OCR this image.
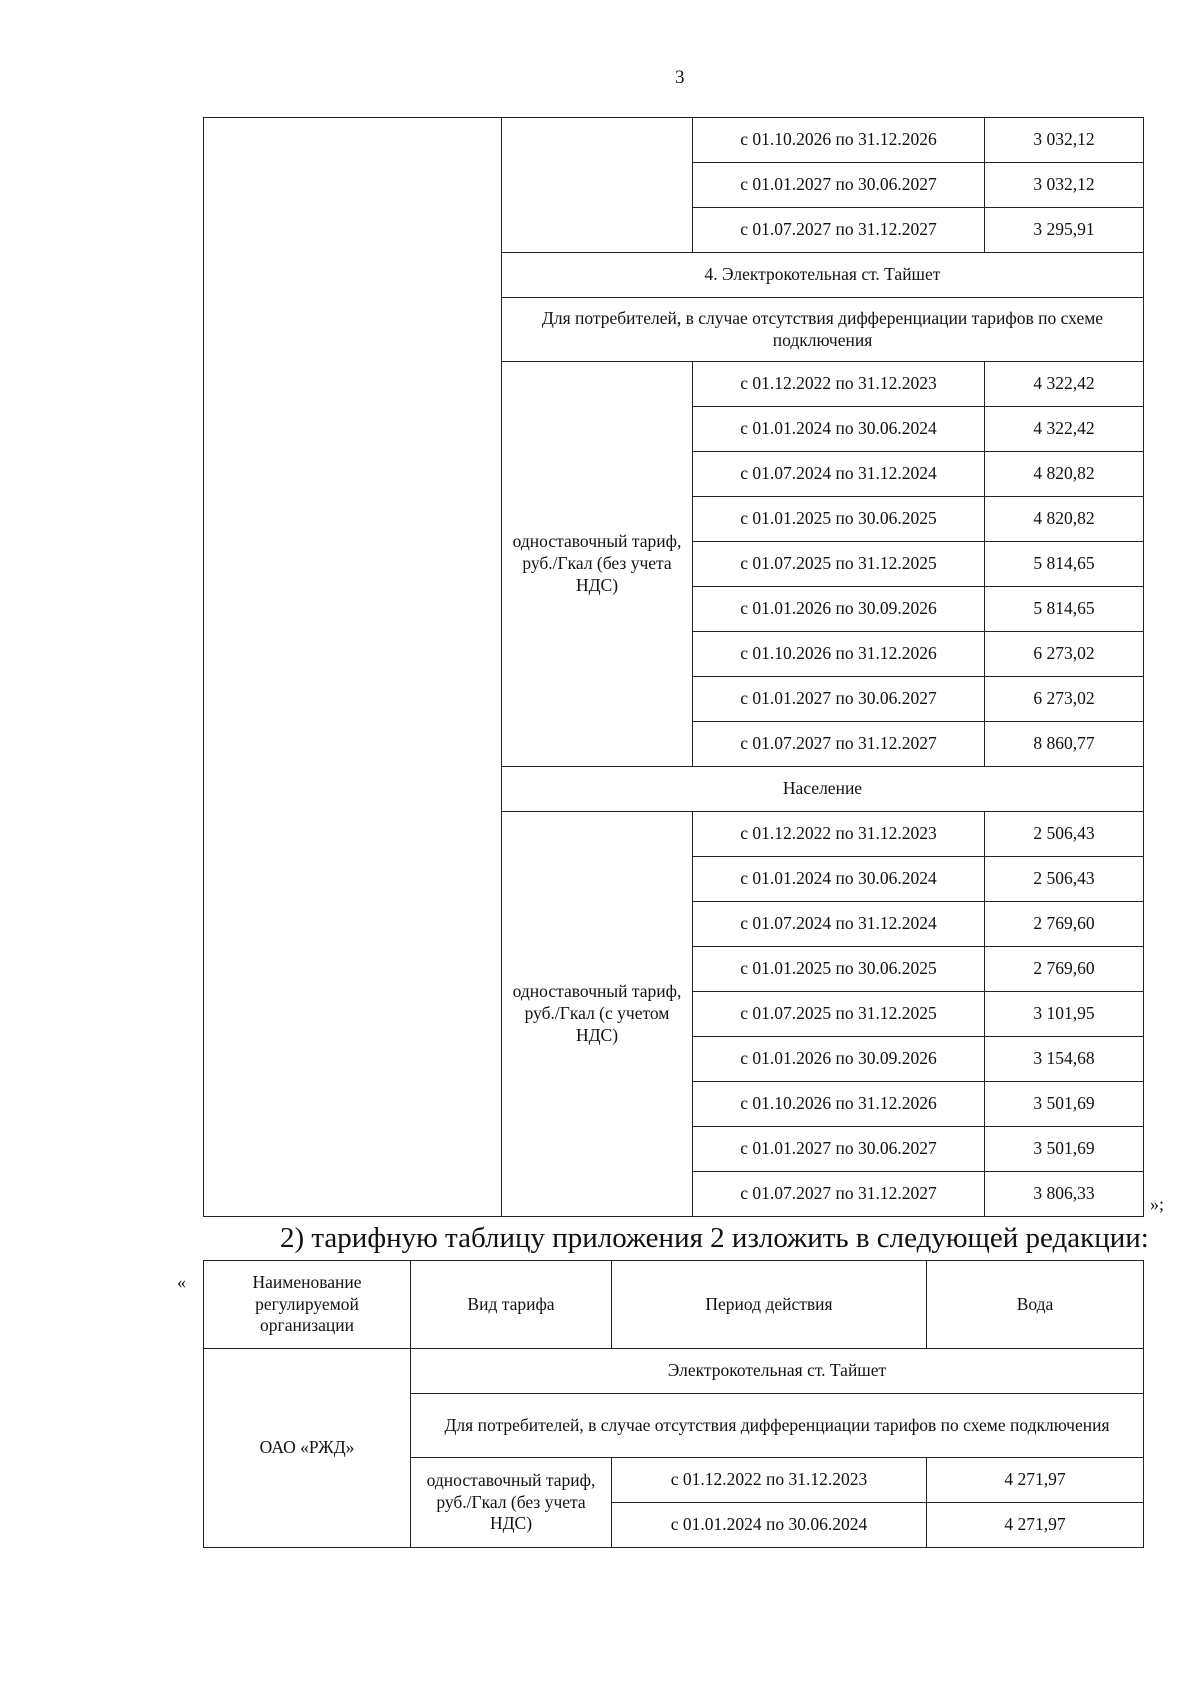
3
		с 01.10.2026 по 31.12.2026	3 032,12
		с 01.01.2027 по 30.06.2027	3 032,12
		с 01.07.2027 по 31.12.2027	3 295,91
	4. Электрокотельная ст. Тайшет		
	Для потребителей, в случае отсутствия дифференциации тарифов по схеме подключения		
	одноставочный тариф, руб./Гкал (без учета НДС)	с 01.12.2022 по 31.12.2023	4 322,42
		с 01.01.2024 по 30.06.2024	4 322,42
		с 01.07.2024 по 31.12.2024	4 820,82
		с 01.01.2025 по 30.06.2025	4 820,82
		с 01.07.2025 по 31.12.2025	5 814,65
		с 01.01.2026 по 30.09.2026	5 814,65
		с 01.10.2026 по 31.12.2026	6 273,02
		с 01.01.2027 по 30.06.2027	6 273,02
		с 01.07.2027 по 31.12.2027	8 860,77
	Население		
	одноставочный тариф, руб./Гкал (с учетом НДС)	с 01.12.2022 по 31.12.2023	2 506,43
		с 01.01.2024 по 30.06.2024	2 506,43
		с 01.07.2024 по 31.12.2024	2 769,60
		с 01.01.2025 по 30.06.2025	2 769,60
		с 01.07.2025 по 31.12.2025	3 101,95
		с 01.01.2026 по 30.09.2026	3 154,68
		с 01.10.2026 по 31.12.2026	3 501,69
		с 01.01.2027 по 30.06.2027	3 501,69
		с 01.07.2027 по 31.12.2027	3 806,33
»;
2) тарифную таблицу приложения 2 изложить в следующей редакции:
«	Наименование регулируемой организации	Вид тарифа	Период действия	Вода
ОАО «РЖД»	Электрокотельная ст. Тайшет		
	Для потребителей, в случае отсутствия дифференциации тарифов по схеме подключения		
	одноставочный тариф, руб./Гкал (без учета НДС)	с 01.12.2022 по 31.12.2023	4 271,97
		с 01.01.2024 по 30.06.2024	4 271,97
